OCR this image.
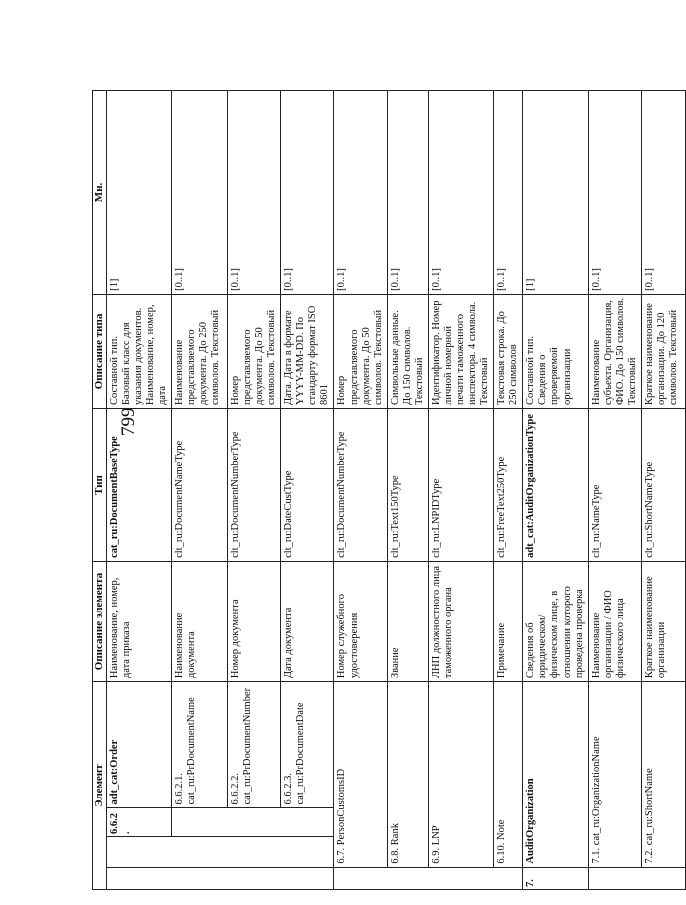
799
Элемент				Описание элемента	Тип	Описание типа	Мн.
		6.6.2.	adt_cat:Order	Наименование, номер, дата приказа	cat_ru:DocumentBaseType	Составной тип. Базовый класс для указания документов. Наименование, номер, дата	[1]
			6.6.2.1. cat_ru:PrDocumentName	Наименование документа	clt_ru:DocumentNameType	Наименование представляемого документа. До 250 символов. Текстовый	[0..1]
			6.6.2.2. cat_ru:PrDocumentNumber	Номер документа	clt_ru:DocumentNumberType	Номер представляемого документа. До 50 символов. Текстовый	[0..1]
			6.6.2.3. cat_ru:PrDocumentDate	Дата документа	clt_ru:DateCustType	Дата. Дата в формате YYYY-MM-DD. По стандарту формат ISO 8601	[0..1]
	6.7. PersonCustomsID			Номер служебного удостоверения	clt_ru:DocumentNumberType	Номер представляемого документа. До 50 символов. Текстовый	[0..1]
	6.8. Rank			Звание	clt_ru:Text150Type	Символьные данные. До 150 символов. Текстовый	[0..1]
	6.9. LNP			ЛНП должностного лица таможенного органа	clt_ru:LNPIDType	Идентификатор. Номер личной номерной печати таможенного инспектора. 4 символа. Текстовый	[0..1]
	6.10. Note			Примечание	clt_ru:FreeText250Type	Текстовая строка. До 250 символов	[0..1]
7.	AuditOrganization			Сведения об юридическом/физическом лице, в отношении которого проведена проверка	adt_cat:AuditOrganizationType	Составной тип. Сведения о проверяемой организации	[1]
	7.1. cat_ru:OrganizationName			Наименование организации / ФИО физического лица	clt_ru:NameType	Наименование субъекта. Организация, ФИО. До 150 символов. Текстовый	[0..1]
	7.2. cat_ru:ShortName			Краткое наименование организации	clt_ru:ShortNameType	Краткое наименование организации. До 120 символов. Текстовый	[0..1]
